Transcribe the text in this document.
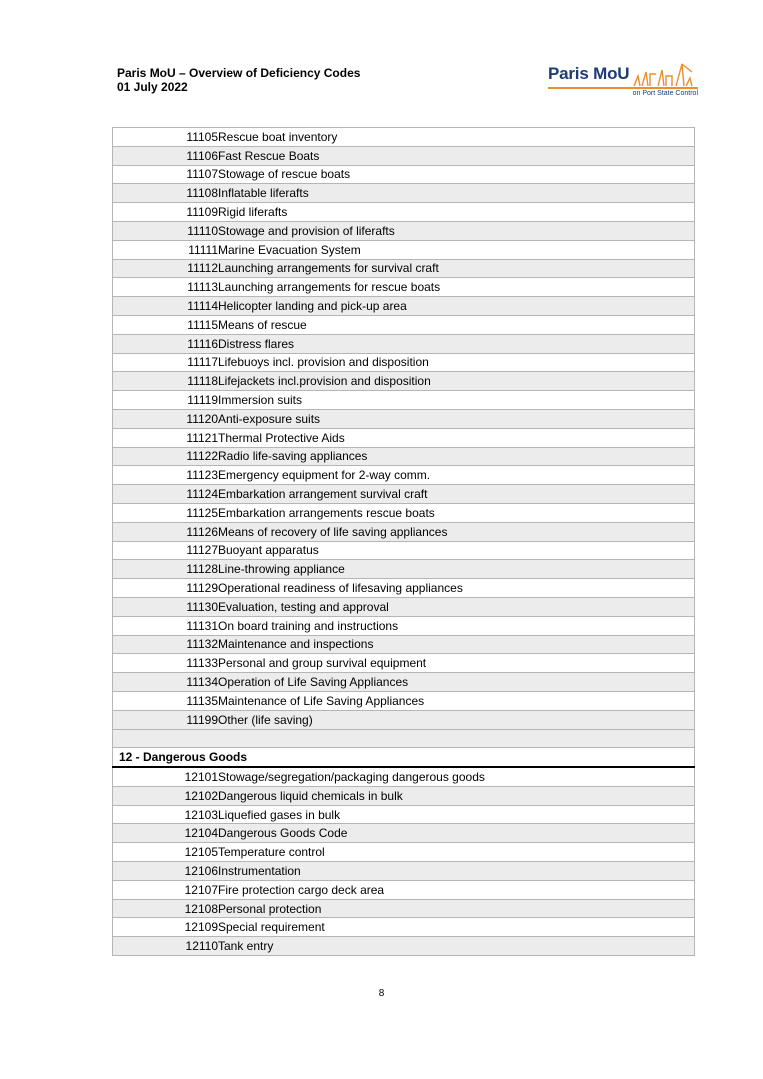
Paris MoU – Overview of Deficiency Codes
01 July 2022
Paris MoU
on Port State Control
11105	Rescue boat inventory
11106	Fast Rescue Boats
11107	Stowage of rescue boats
11108	Inflatable liferafts
11109	Rigid liferafts
11110	Stowage and provision of liferafts
11111	Marine Evacuation System
11112	Launching arrangements for survival craft
11113	Launching arrangements for rescue boats
11114	Helicopter landing and pick-up area
11115	Means of rescue
11116	Distress flares
11117	Lifebuoys incl. provision and disposition
11118	Lifejackets incl.provision and disposition
11119	Immersion suits
11120	Anti-exposure suits
11121	Thermal Protective Aids
11122	Radio life-saving appliances
11123	Emergency equipment for 2-way comm.
11124	Embarkation arrangement survival craft
11125	Embarkation arrangements rescue boats
11126	Means of recovery of life saving appliances
11127	Buoyant apparatus
11128	Line-throwing appliance
11129	Operational readiness of lifesaving appliances
11130	Evaluation, testing and approval
11131	On board training and instructions
11132	Maintenance and inspections
11133	Personal and group survival equipment
11134	Operation of Life Saving Appliances
11135	Maintenance of Life Saving Appliances
11199	Other (life saving)

12 - Dangerous Goods	
12101	Stowage/segregation/packaging dangerous goods
12102	Dangerous liquid chemicals in bulk
12103	Liquefied gases in bulk
12104	Dangerous Goods Code
12105	Temperature control
12106	Instrumentation
12107	Fire protection cargo deck area
12108	Personal protection
12109	Special requirement
12110	Tank entry
8
